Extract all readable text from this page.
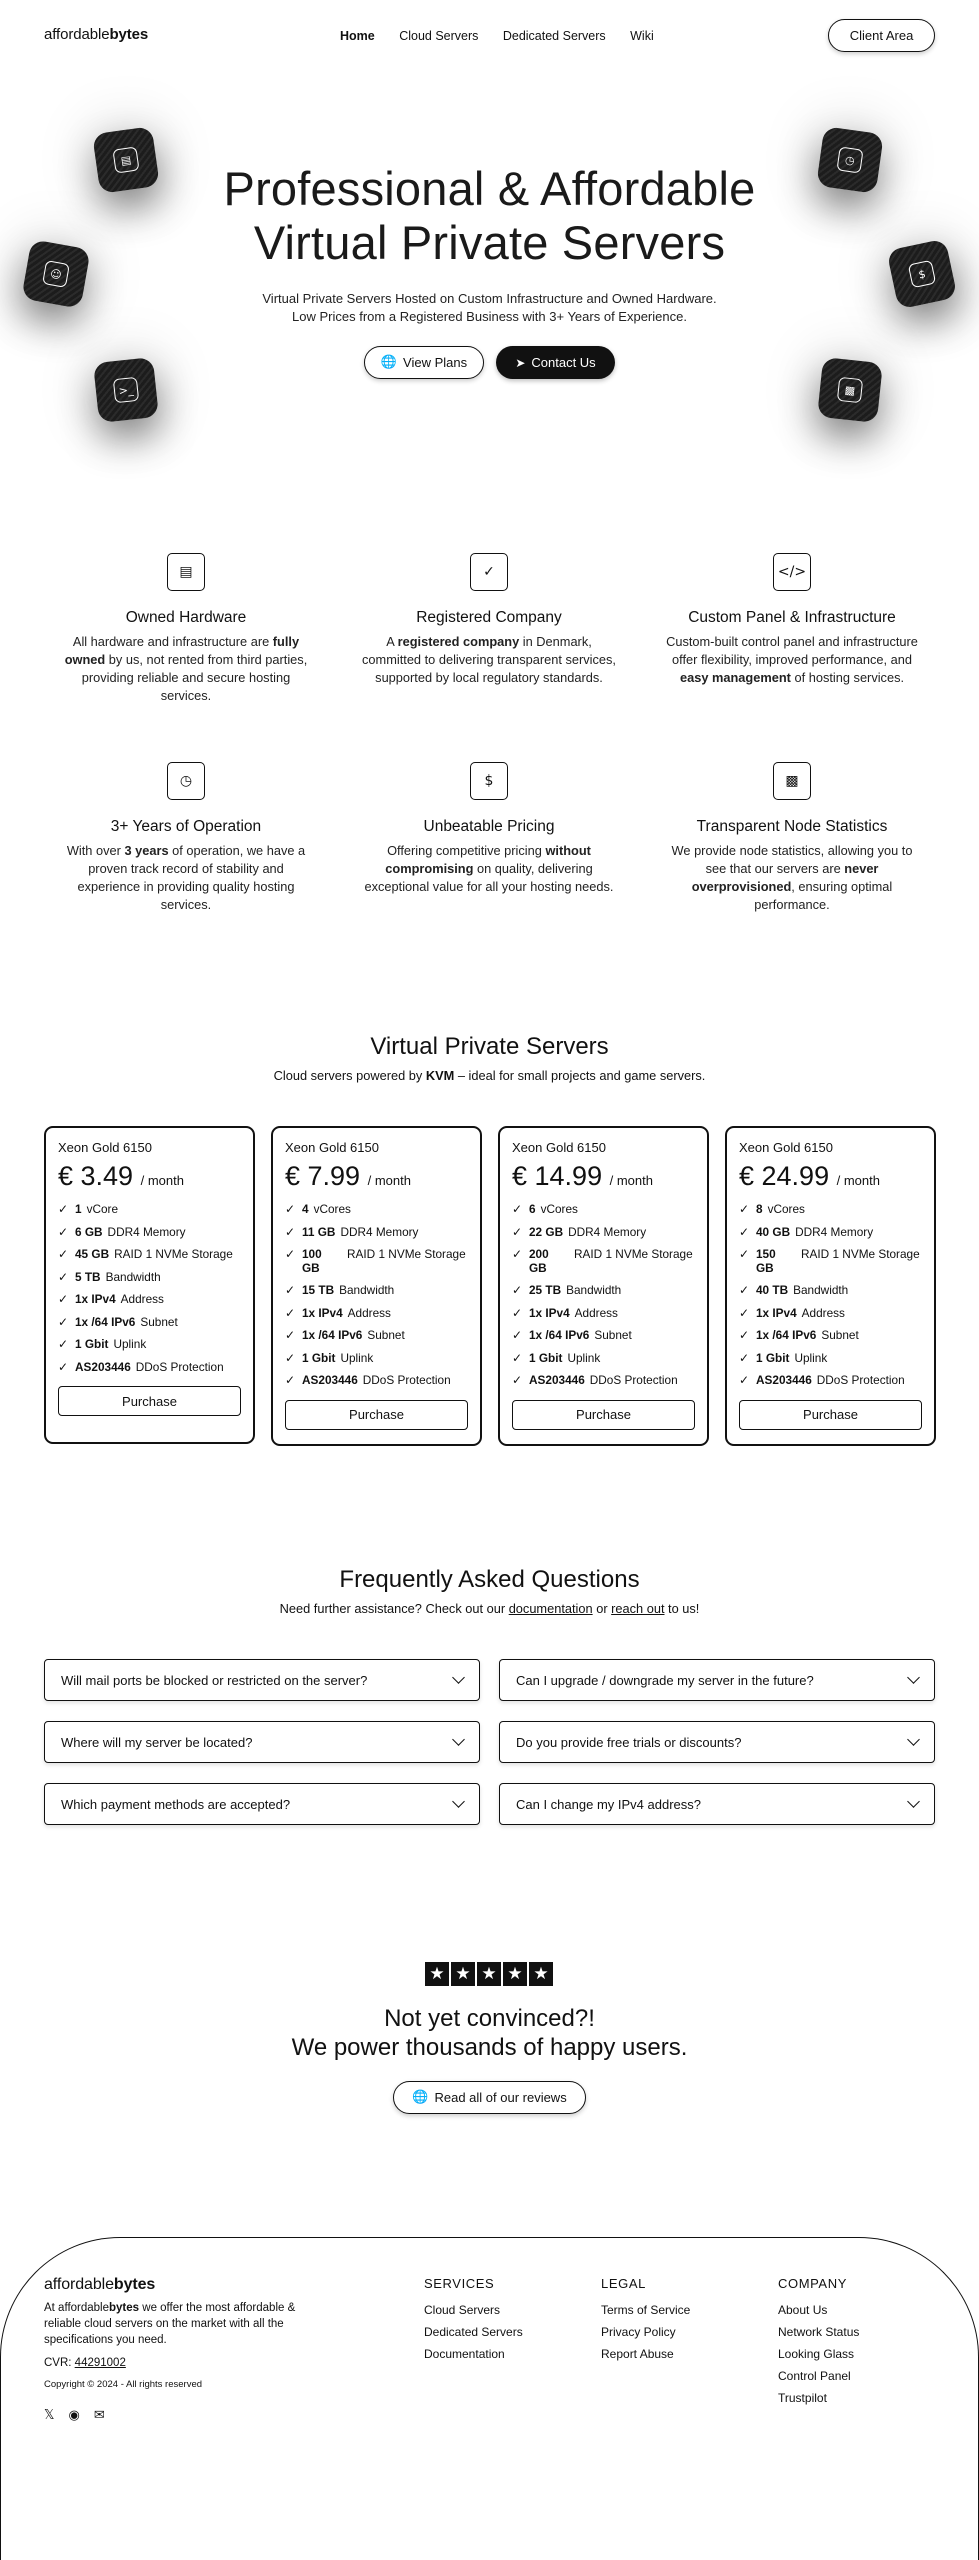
affordablebytes	Home Cloud Servers Dedicated Servers Wiki	Client Area
▤
☺
>_
◷
$
▩
Professional & Affordable
Virtual Private Servers
Virtual Private Servers Hosted on Custom Infrastructure and Owned Hardware.
Low Prices from a Registered Business with 3+ Years of Experience.
🌐 View Plans	➤ Contact Us
▤
Owned Hardware

All hardware and infrastructure are fully owned by us, not rented from third parties, providing reliable and secure hosting services.

✓
Registered Company

A registered company in Denmark, committed to delivering transparent services, supported by local regulatory standards.

</>
Custom Panel & Infrastructure

Custom-built control panel and infrastructure offer flexibility, improved performance, and easy management of hosting services.

◷
3+ Years of Operation

With over 3 years of operation, we have a proven track record of stability and experience in providing quality hosting services.

$
Unbeatable Pricing

Offering competitive pricing without compromising on quality, delivering exceptional value for all your hosting needs.

▩
Transparent Node Statistics

We provide node statistics, allowing you to see that our servers are never overprovisioned, ensuring optimal performance.

Virtual Private Servers
Cloud servers powered by KVM – ideal for small projects and game servers.
Xeon Gold 6150
€ 3.49 / month
✓ 1 vCore
✓ 6 GB DDR4 Memory
✓ 45 GB RAID 1 NVMe Storage
✓ 5 TB Bandwidth
✓ 1x IPv4 Address
✓ 1x /64 IPv6 Subnet
✓ 1 Gbit Uplink
✓ AS203446 DDoS Protection
Purchase
Xeon Gold 6150
€ 7.99 / month
✓ 4 vCores
✓ 11 GB DDR4 Memory
✓ 100 GB
RAID 1 NVMe Storage
✓ 15 TB Bandwidth
✓ 1x IPv4 Address
✓ 1x /64 IPv6 Subnet
✓ 1 Gbit Uplink
✓ AS203446 DDoS Protection
Purchase
Xeon Gold 6150
€ 14.99 / month
✓ 6 vCores
✓ 22 GB DDR4 Memory
✓ 200 GB
RAID 1 NVMe Storage
✓ 25 TB Bandwidth
✓ 1x IPv4 Address
✓ 1x /64 IPv6 Subnet
✓ 1 Gbit Uplink
✓ AS203446 DDoS Protection
Purchase
Xeon Gold 6150
€ 24.99 / month
✓ 8 vCores
✓ 40 GB DDR4 Memory
✓ 150 GB
RAID 1 NVMe Storage
✓ 40 TB Bandwidth
✓ 1x IPv4 Address
✓ 1x /64 IPv6 Subnet
✓ 1 Gbit Uplink
✓ AS203446 DDoS Protection
Purchase
Frequently Asked Questions
Need further assistance? Check out our documentation or reach out to us!
Will mail ports be blocked or restricted on the server?	Can I upgrade / downgrade my server in the future?
Where will my server be located?	Do you provide free trials or discounts?
Which payment methods are accepted?	Can I change my IPv4 address?
★ ★ ★ ★ ★
Not yet convinced?!
We power thousands of happy users.
🌐 Read all of our reviews
affordablebytes
At affordablebytes we offer the most affordable & reliable cloud servers on the market with all the specifications you need.
CVR: 44291002
Copyright © 2024 - All rights reserved
𝕏 ◉ ✉
SERVICES
Cloud Servers
Dedicated Servers
Documentation
LEGAL
Terms of Service
Privacy Policy
Report Abuse
COMPANY
About Us
Network Status
Looking Glass
Control Panel
Trustpilot
